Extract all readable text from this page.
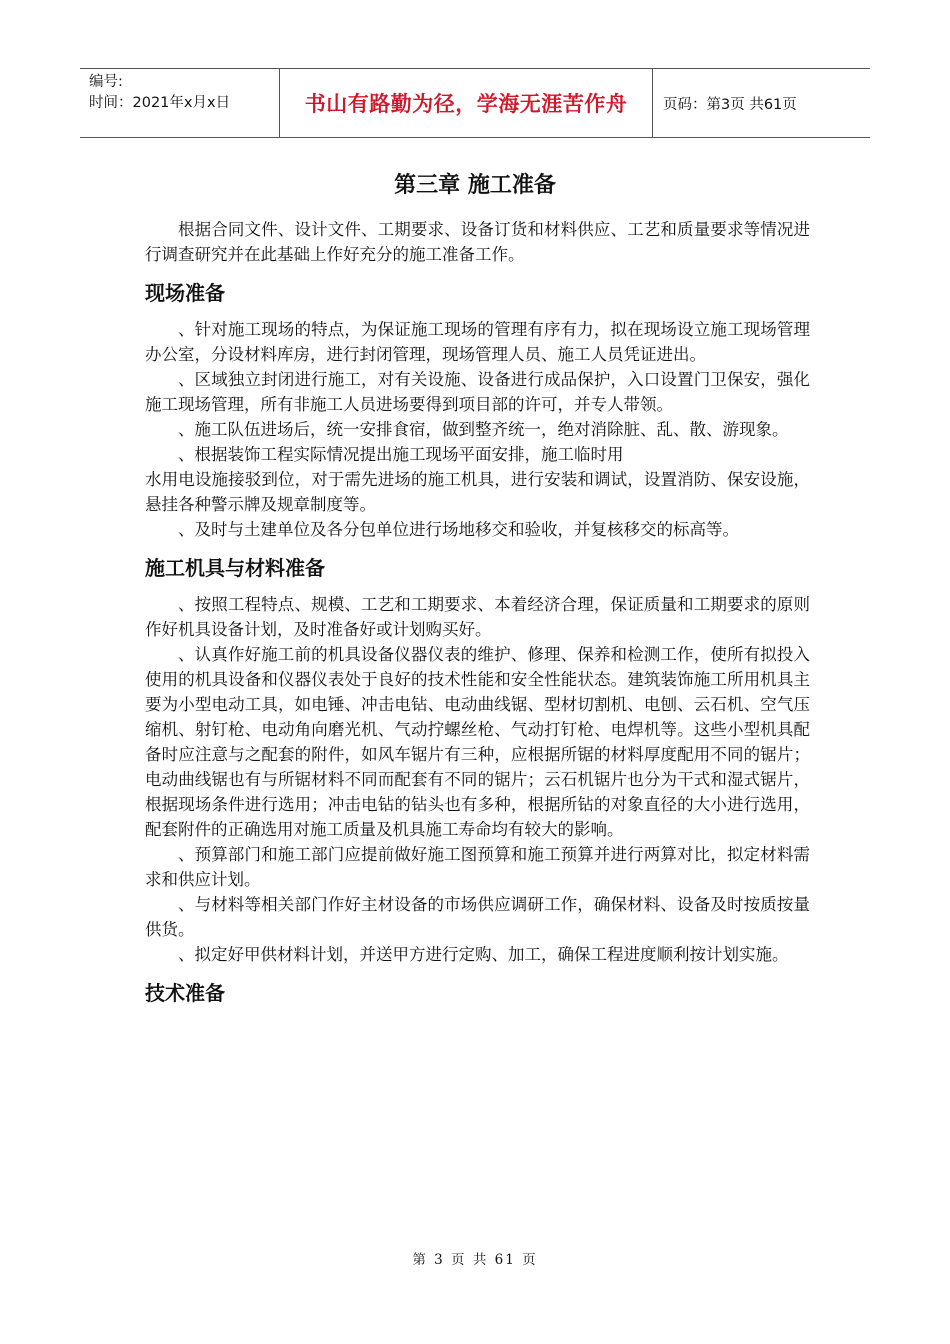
编号:
时间：2021年x月x日	书山有路勤为径，学海无涯苦作舟 页码：第3页 共61页
第三章 施工准备

根据合同文件、设计文件、工期要求、设备订货和材料供应、工艺和质量要求等情况进行调查研究并在此基础上作好充分的施工准备工作。

现场准备

、针对施工现场的特点，为保证施工现场的管理有序有力，拟在现场设立施工现场管理办公室，分设材料库房，进行封闭管理，现场管理人员、施工人员凭证进出。

、区域独立封闭进行施工，对有关设施、设备进行成品保护，入口设置门卫保安，强化施工现场管理，所有非施工人员进场要得到项目部的许可，并专人带领。

、施工队伍进场后，统一安排食宿，做到整齐统一，绝对消除脏、乱、散、游现象。

、根据装饰工程实际情况提出施工现场平面安排，施工临时用

水用电设施接驳到位，对于需先进场的施工机具，进行安装和调试，设置消防、保安设施，悬挂各种警示牌及规章制度等。

、及时与土建单位及各分包单位进行场地移交和验收，并复核移交的标高等。

施工机具与材料准备

、按照工程特点、规模、工艺和工期要求、本着经济合理，保证质量和工期要求的原则作好机具设备计划，及时准备好或计划购买好。

、认真作好施工前的机具设备仪器仪表的维护、修理、保养和检测工作，使所有拟投入使用的机具设备和仪器仪表处于良好的技术性能和安全性能状态。建筑装饰施工所用机具主要为小型电动工具，如电锤、冲击电钻、电动曲线锯、型材切割机、电刨、云石机、空气压缩机、射钉枪、电动角向磨光机、气动拧螺丝枪、气动打钉枪、电焊机等。这些小型机具配备时应注意与之配套的附件，如风车锯片有三种，应根据所锯的材料厚度配用不同的锯片；电动曲线锯也有与所锯材料不同而配套有不同的锯片；云石机锯片也分为干式和湿式锯片，根据现场条件进行选用；冲击电钻的钻头也有多种，根据所钻的对象直径的大小进行选用，配套附件的正确选用对施工质量及机具施工寿命均有较大的影响。

、预算部门和施工部门应提前做好施工图预算和施工预算并进行两算对比，拟定材料需求和供应计划。

、与材料等相关部门作好主材设备的市场供应调研工作，确保材料、设备及时按质按量供货。

、拟定好甲供材料计划，并送甲方进行定购、加工，确保工程进度顺利按计划实施。

技术准备
第 3 页 共 61 页
